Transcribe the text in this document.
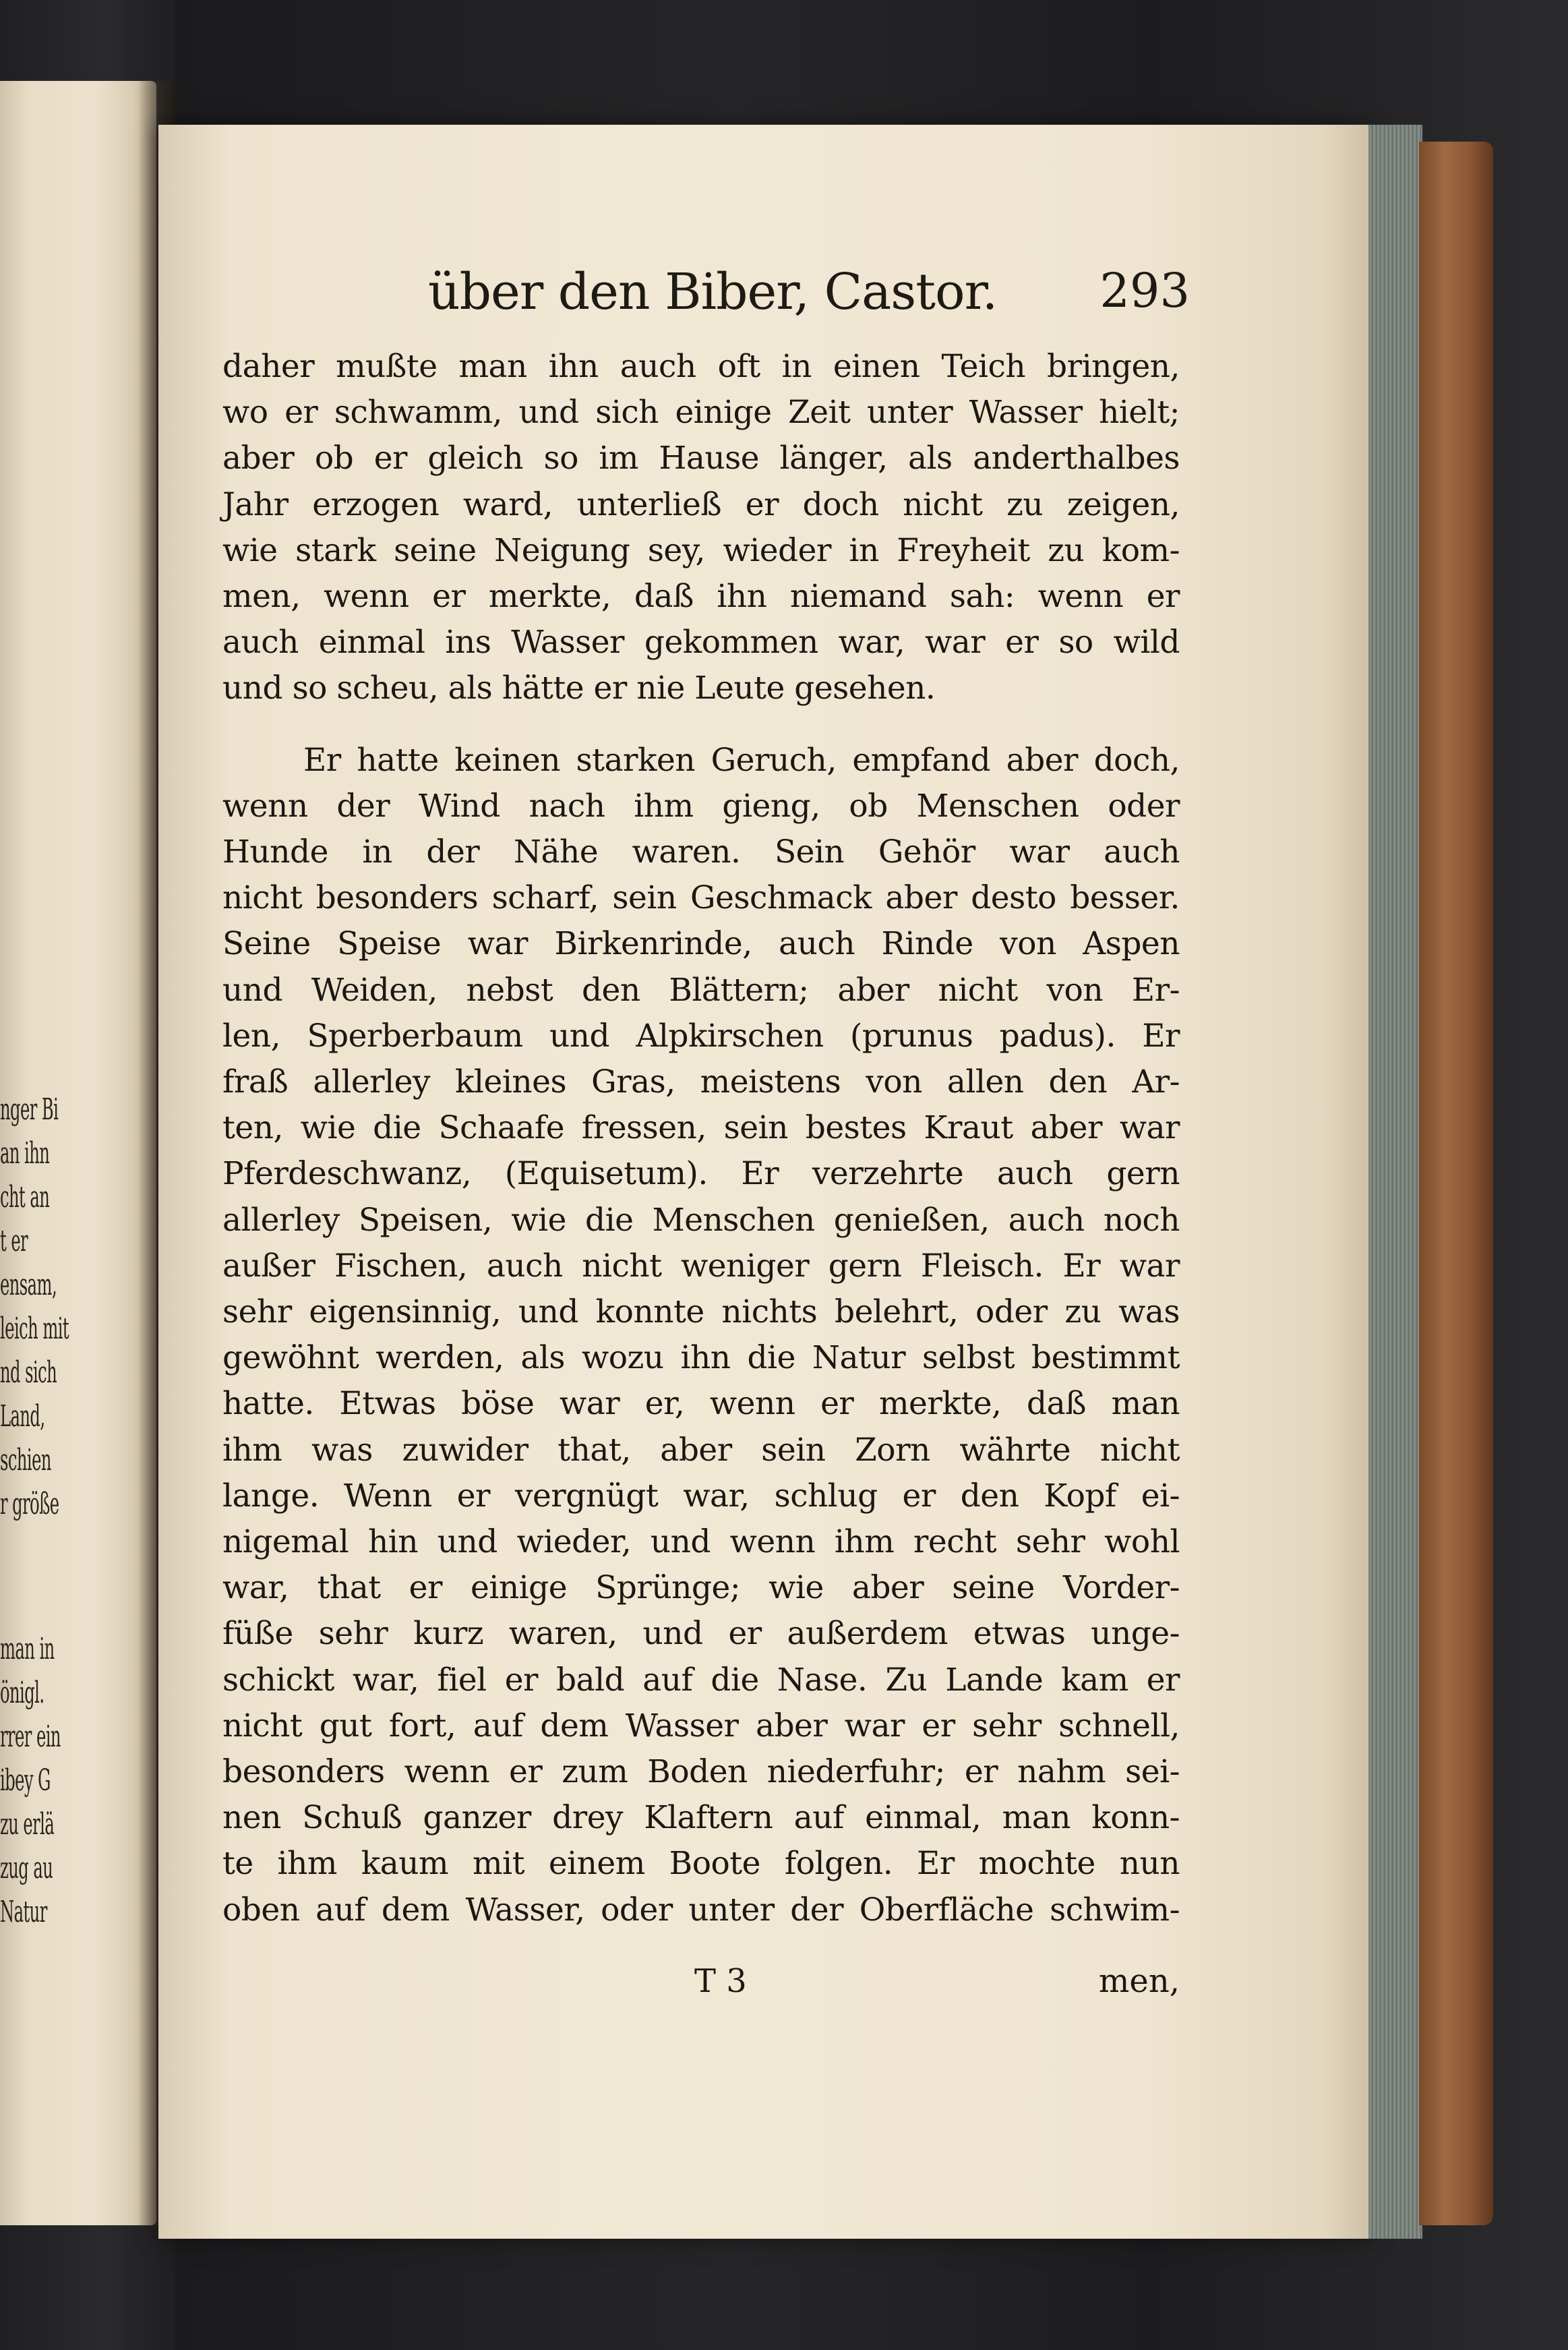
nger Bi
an ihn
cht an
t er
ensam,
leich mit
nd sich
Land,
schien
r größe
man in
önigl.
rrer ein
ibey G
zu erlä
zug au
Natur
über den Biber, Castor. 293
daher mußte man ihn auch oft in einen Teich bringen,
wo er schwamm, und sich einige Zeit unter Wasser hielt;
aber ob er gleich so im Hause länger, als anderthalbes
Jahr erzogen ward, unterließ er doch nicht zu zeigen,
wie stark seine Neigung sey, wieder in Freyheit zu kom-
men, wenn er merkte, daß ihn niemand sah: wenn er
auch einmal ins Wasser gekommen war, war er so wild
und so scheu, als hätte er nie Leute gesehen.
Er hatte keinen starken Geruch, empfand aber doch,
wenn der Wind nach ihm gieng, ob Menschen oder
Hunde in der Nähe waren. Sein Gehör war auch
nicht besonders scharf, sein Geschmack aber desto besser.
Seine Speise war Birkenrinde, auch Rinde von Aspen
und Weiden, nebst den Blättern; aber nicht von Er-
len, Sperberbaum und Alpkirschen (prunus padus). Er
fraß allerley kleines Gras, meistens von allen den Ar-
ten, wie die Schaafe fressen, sein bestes Kraut aber war
Pferdeschwanz, (Equisetum). Er verzehrte auch gern
allerley Speisen, wie die Menschen genießen, auch noch
außer Fischen, auch nicht weniger gern Fleisch. Er war
sehr eigensinnig, und konnte nichts belehrt, oder zu was
gewöhnt werden, als wozu ihn die Natur selbst bestimmt
hatte. Etwas böse war er, wenn er merkte, daß man
ihm was zuwider that, aber sein Zorn währte nicht
lange. Wenn er vergnügt war, schlug er den Kopf ei-
nigemal hin und wieder, und wenn ihm recht sehr wohl
war, that er einige Sprünge; wie aber seine Vorder-
füße sehr kurz waren, und er außerdem etwas unge-
schickt war, fiel er bald auf die Nase. Zu Lande kam er
nicht gut fort, auf dem Wasser aber war er sehr schnell,
besonders wenn er zum Boden niederfuhr; er nahm sei-
nen Schuß ganzer drey Klaftern auf einmal, man konn-
te ihm kaum mit einem Boote folgen. Er mochte nun
oben auf dem Wasser, oder unter der Oberfläche schwim-
T 3	men,
